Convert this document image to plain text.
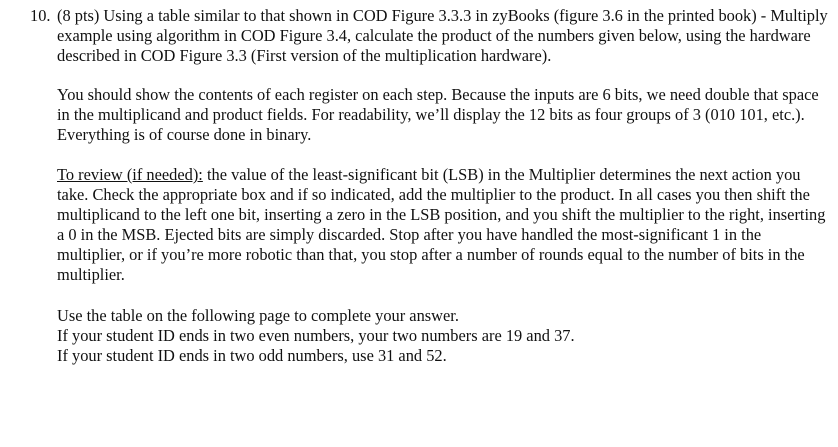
10. (8 pts) Using a table similar to that shown in COD Figure 3.3.3 in zyBooks (figure 3.6 in the printed book) - Multiply example using algorithm in COD Figure 3.4, calculate the product of the numbers given below, using the hardware described in COD Figure 3.3 (First version of the multiplication hardware).

You should show the contents of each register on each step. Because the inputs are 6 bits, we need double that space in the multiplicand and product fields. For readability, we’ll display the 12 bits as four groups of 3 (010 101, etc.). Everything is of course done in binary.

To review (if needed): the value of the least-significant bit (LSB) in the Multiplier determines the next action you take. Check the appropriate box and if so indicated, add the multiplier to the product. In all cases you then shift the multiplicand to the left one bit, inserting a zero in the LSB position, and you shift the multiplier to the right, inserting a 0 in the MSB. Ejected bits are simply discarded. Stop after you have handled the most-significant 1 in the multiplier, or if you’re more robotic than that, you stop after a number of rounds equal to the number of bits in the multiplier.

Use the table on the following page to complete your answer.
If your student ID ends in two even numbers, your two numbers are 19 and 37.
If your student ID ends in two odd numbers, use 31 and 52.
